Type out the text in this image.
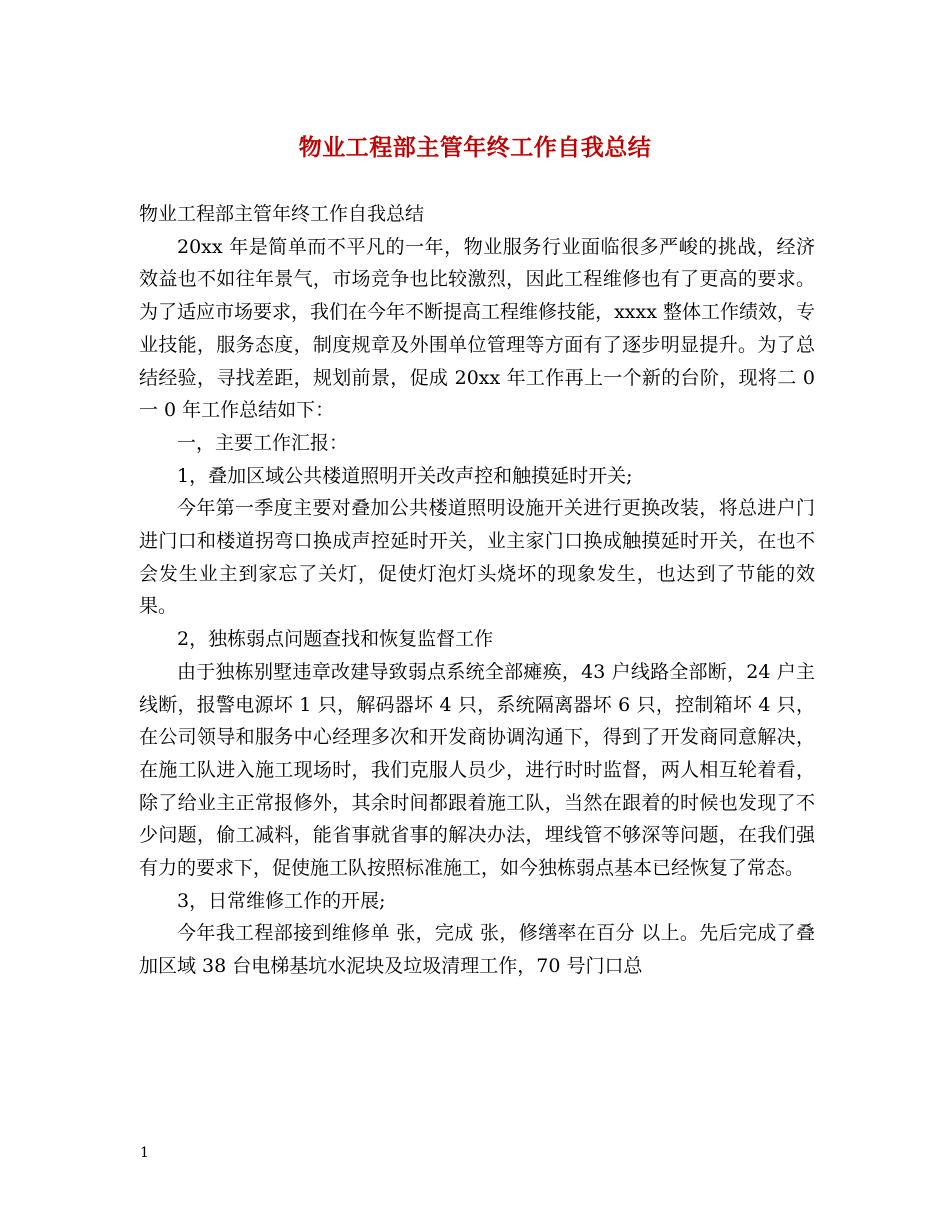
物业工程部主管年终工作自我总结

物业工程部主管年终工作自我总结

20xx 年是简单而不平凡的一年，物业服务行业面临很多严峻的挑战，经济效益也不如往年景气，市场竞争也比较激烈，因此工程维修也有了更高的要求。为了适应市场要求，我们在今年不断提高工程维修技能，xxxx 整体工作绩效，专业技能，服务态度，制度规章及外围单位管理等方面有了逐步明显提升。为了总结经验，寻找差距，规划前景，促成 20xx 年工作再上一个新的台阶，现将二 0 一 0 年工作总结如下：

一，主要工作汇报：

1，叠加区域公共楼道照明开关改声控和触摸延时开关;

今年第一季度主要对叠加公共楼道照明设施开关进行更换改装，将总进户门进门口和楼道拐弯口换成声控延时开关，业主家门口换成触摸延时开关，在也不会发生业主到家忘了关灯，促使灯泡灯头烧坏的现象发生，也达到了节能的效果。

2，独栋弱点问题查找和恢复监督工作

由于独栋别墅违章改建导致弱点系统全部瘫痪，43 户线路全部断，24 户主线断，报警电源坏 1 只，解码器坏 4 只，系统隔离器坏 6 只，控制箱坏 4 只，在公司领导和服务中心经理多次和开发商协调沟通下，得到了开发商同意解决，在施工队进入施工现场时，我们克服人员少，进行时时监督，两人相互轮着看，除了给业主正常报修外，其余时间都跟着施工队，当然在跟着的时候也发现了不少问题，偷工减料，能省事就省事的解决办法，埋线管不够深等问题，在我们强有力的要求下，促使施工队按照标准施工，如今独栋弱点基本已经恢复了常态。

3，日常维修工作的开展;

今年我工程部接到维修单 张，完成 张，修缮率在百分 以上。先后完成了叠加区域 38 台电梯基坑水泥块及垃圾清理工作，70 号门口总

1
